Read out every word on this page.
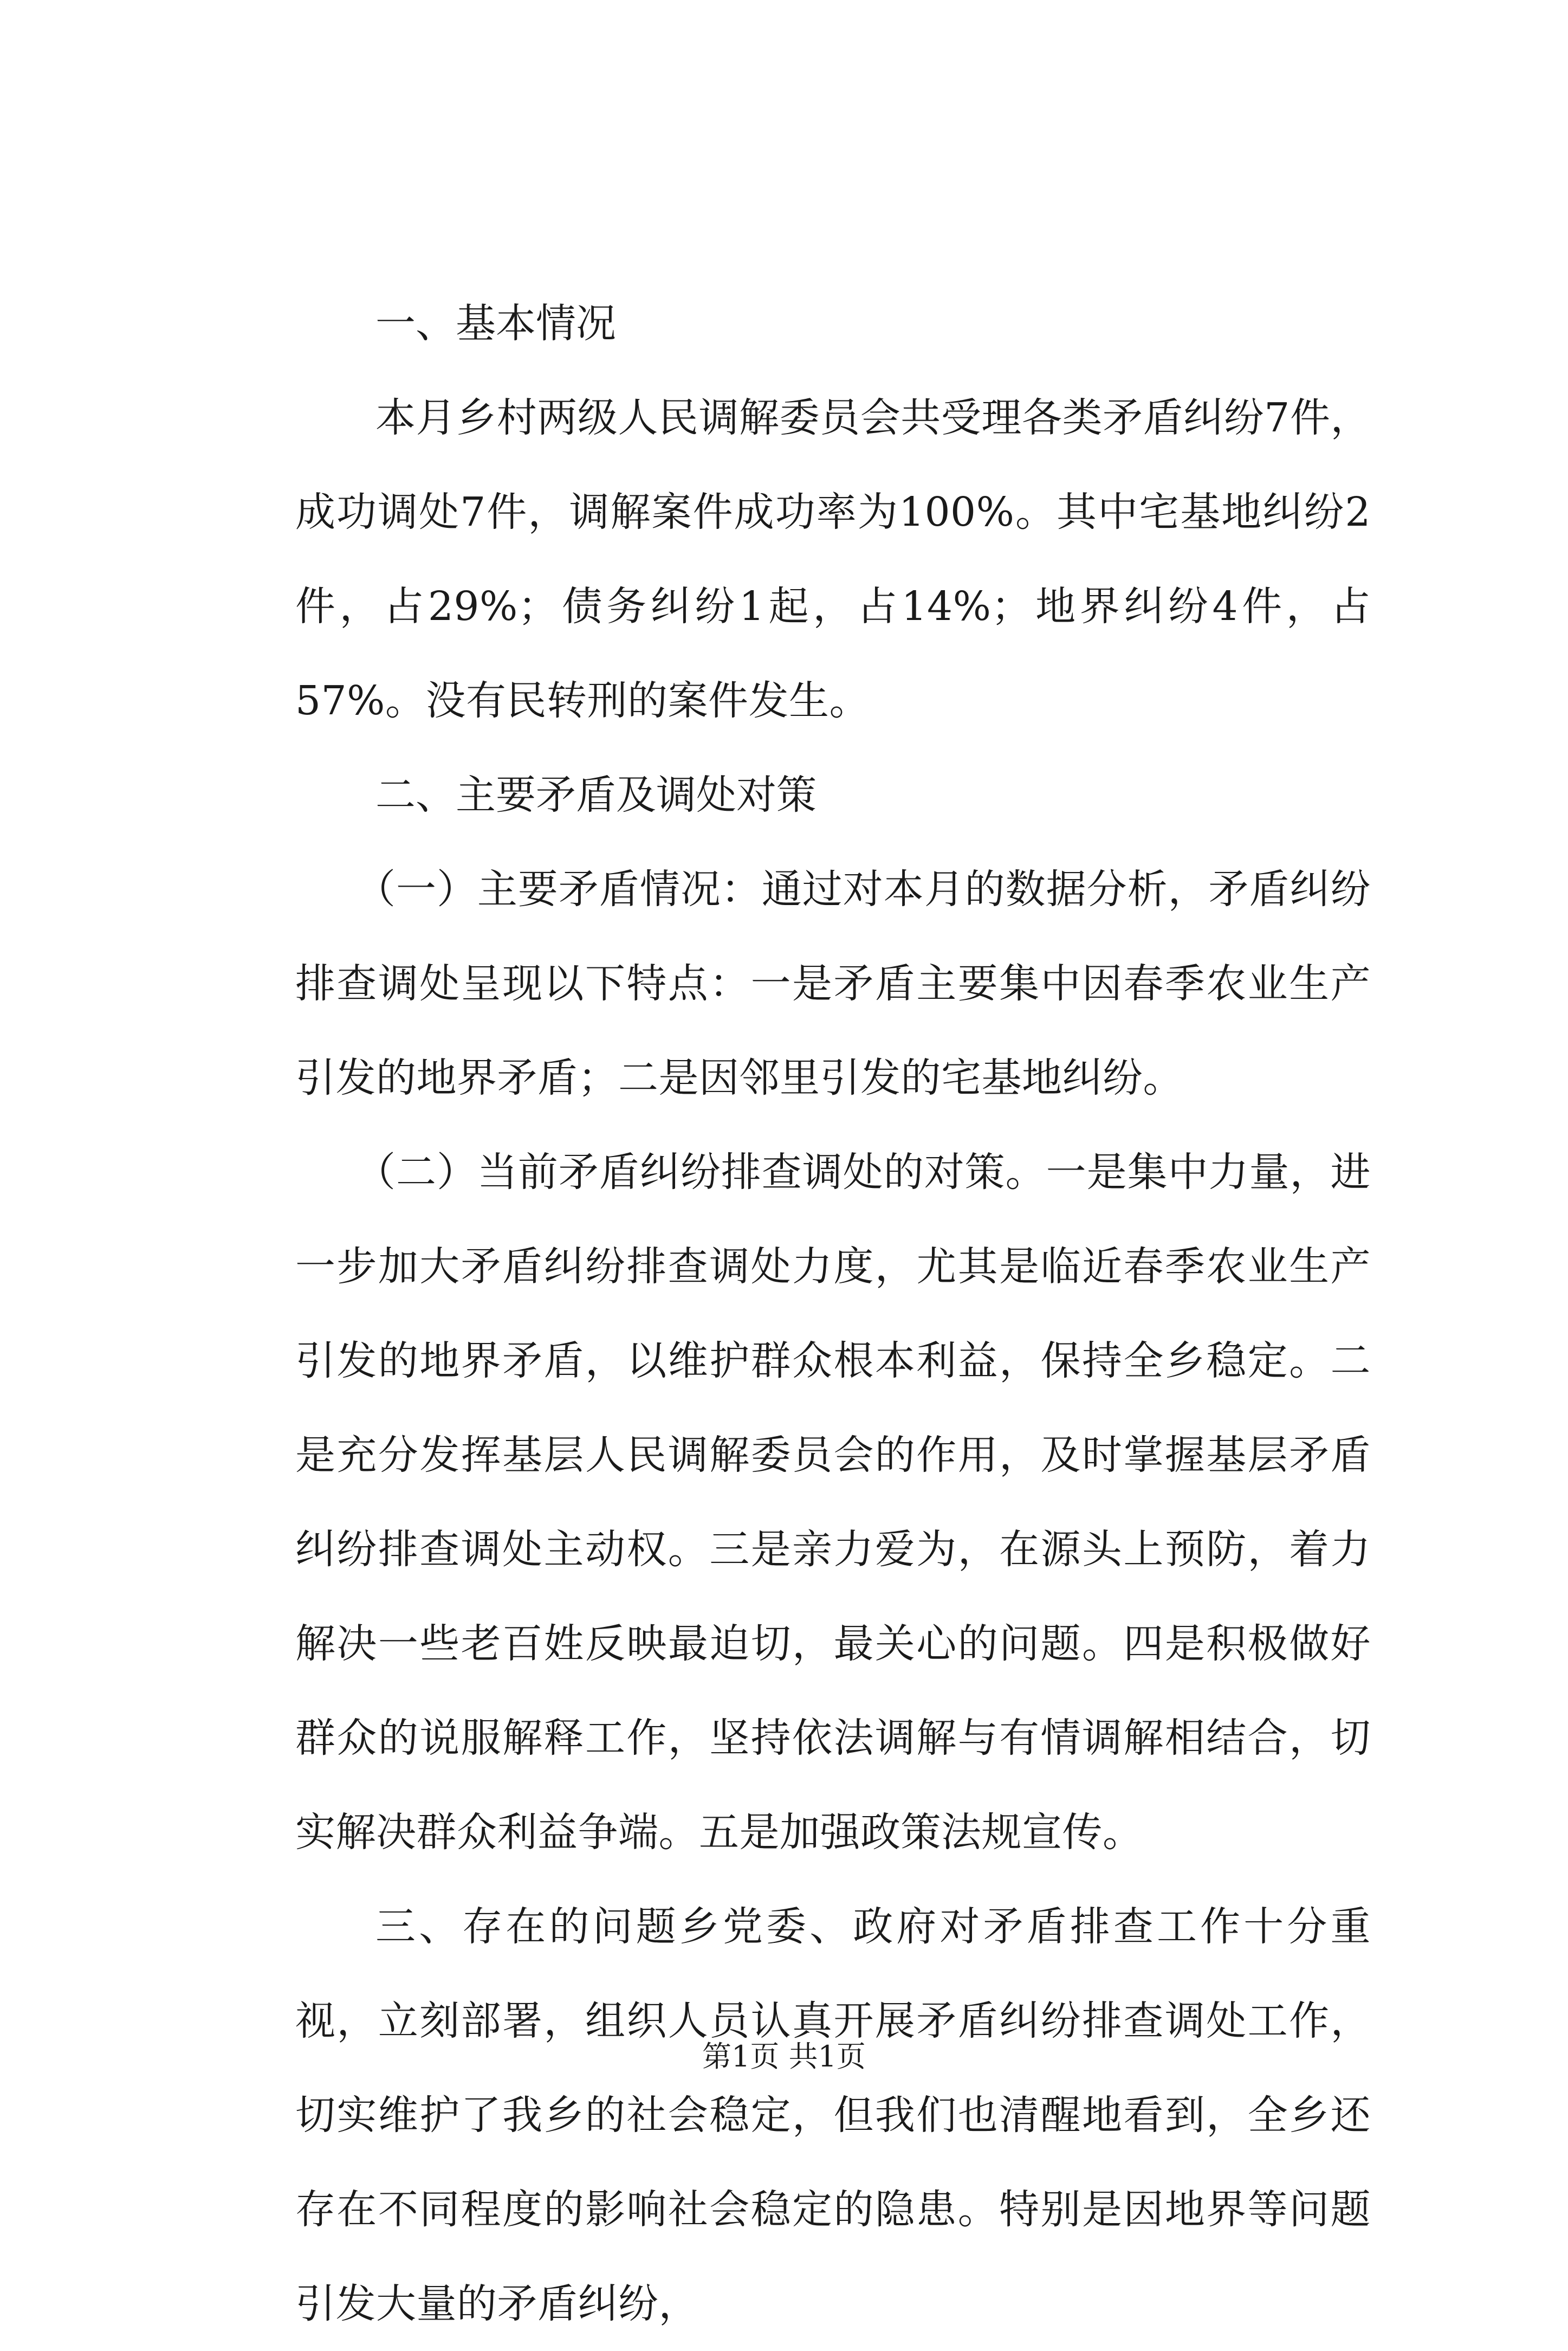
一、基本情况

本月乡村两级人民调解委员会共受理各类矛盾纠纷7件，成功调处7件，调解案件成功率为100%。其中宅基地纠纷2件，占29%；债务纠纷1起，占14%；地界纠纷4件，占57%。没有民转刑的案件发生。

二、主要矛盾及调处对策

（一）主要矛盾情况：通过对本月的数据分析，矛盾纠纷排查调处呈现以下特点：一是矛盾主要集中因春季农业生产引发的地界矛盾；二是因邻里引发的宅基地纠纷。

（二）当前矛盾纠纷排查调处的对策。一是集中力量，进一步加大矛盾纠纷排查调处力度，尤其是临近春季农业生产引发的地界矛盾，以维护群众根本利益，保持全乡稳定。二是充分发挥基层人民调解委员会的作用，及时掌握基层矛盾纠纷排查调处主动权。三是亲力爱为，在源头上预防，着力解决一些老百姓反映最迫切，最关心的问题。四是积极做好群众的说服解释工作，坚持依法调解与有情调解相结合，切实解决群众利益争端。五是加强政策法规宣传。

三、存在的问题乡党委、政府对矛盾排查工作十分重视，立刻部署，组织人员认真开展矛盾纠纷排查调处工作，切实维护了我乡的社会稳定，但我们也清醒地看到，全乡还存在不同程度的影响社会稳定的隐患。特别是因地界等问题引发大量的矛盾纠纷，

第1页 共1页
